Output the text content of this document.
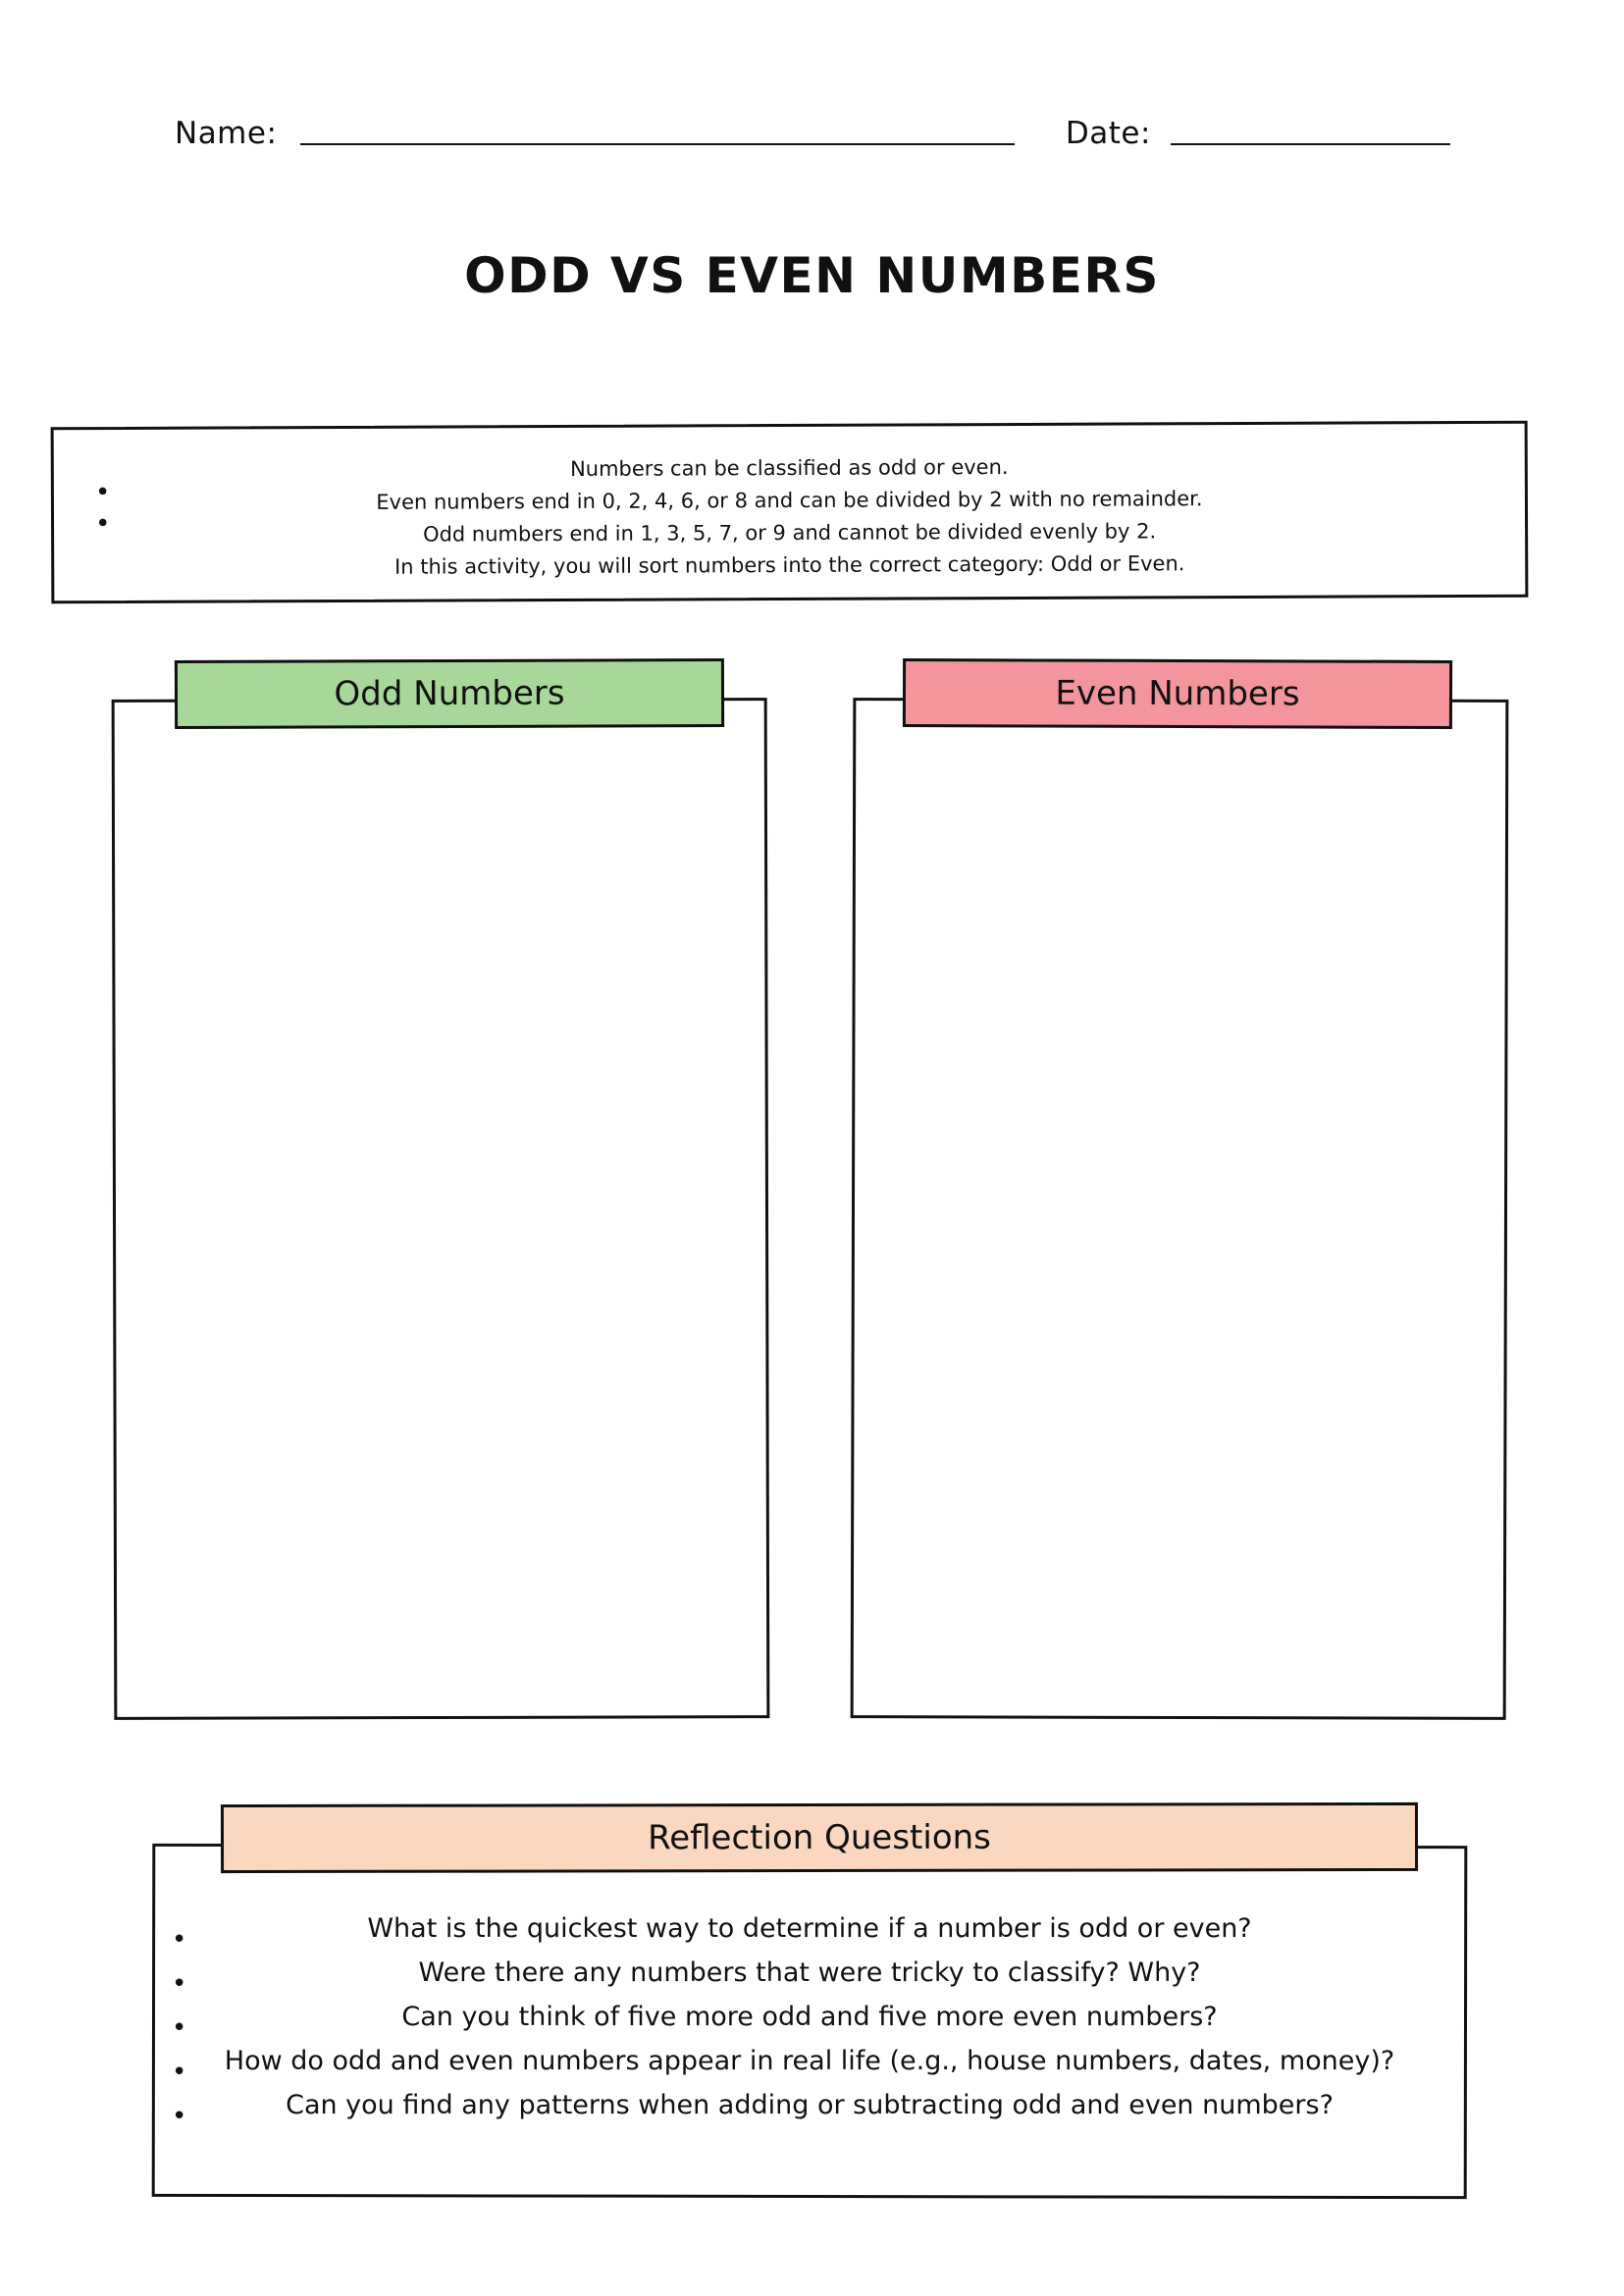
Name:	Date:
ODD VS EVEN NUMBERS
•
•

Numbers can be classified as odd or even.

Even numbers end in 0, 2, 4, 6, or 8 and can be divided by 2 with no remainder.

Odd numbers end in 1, 3, 5, 7, or 9 and cannot be divided evenly by 2.

In this activity, you will sort numbers into the correct category: Odd or Even.

Odd Numbers	Even Numbers
Reflection Questions
•
•
•
•
•

What is the quickest way to determine if a number is odd or even?

Were there any numbers that were tricky to classify? Why?

Can you think of five more odd and five more even numbers?

How do odd and even numbers appear in real life (e.g., house numbers, dates, money)?

Can you find any patterns when adding or subtracting odd and even numbers?
